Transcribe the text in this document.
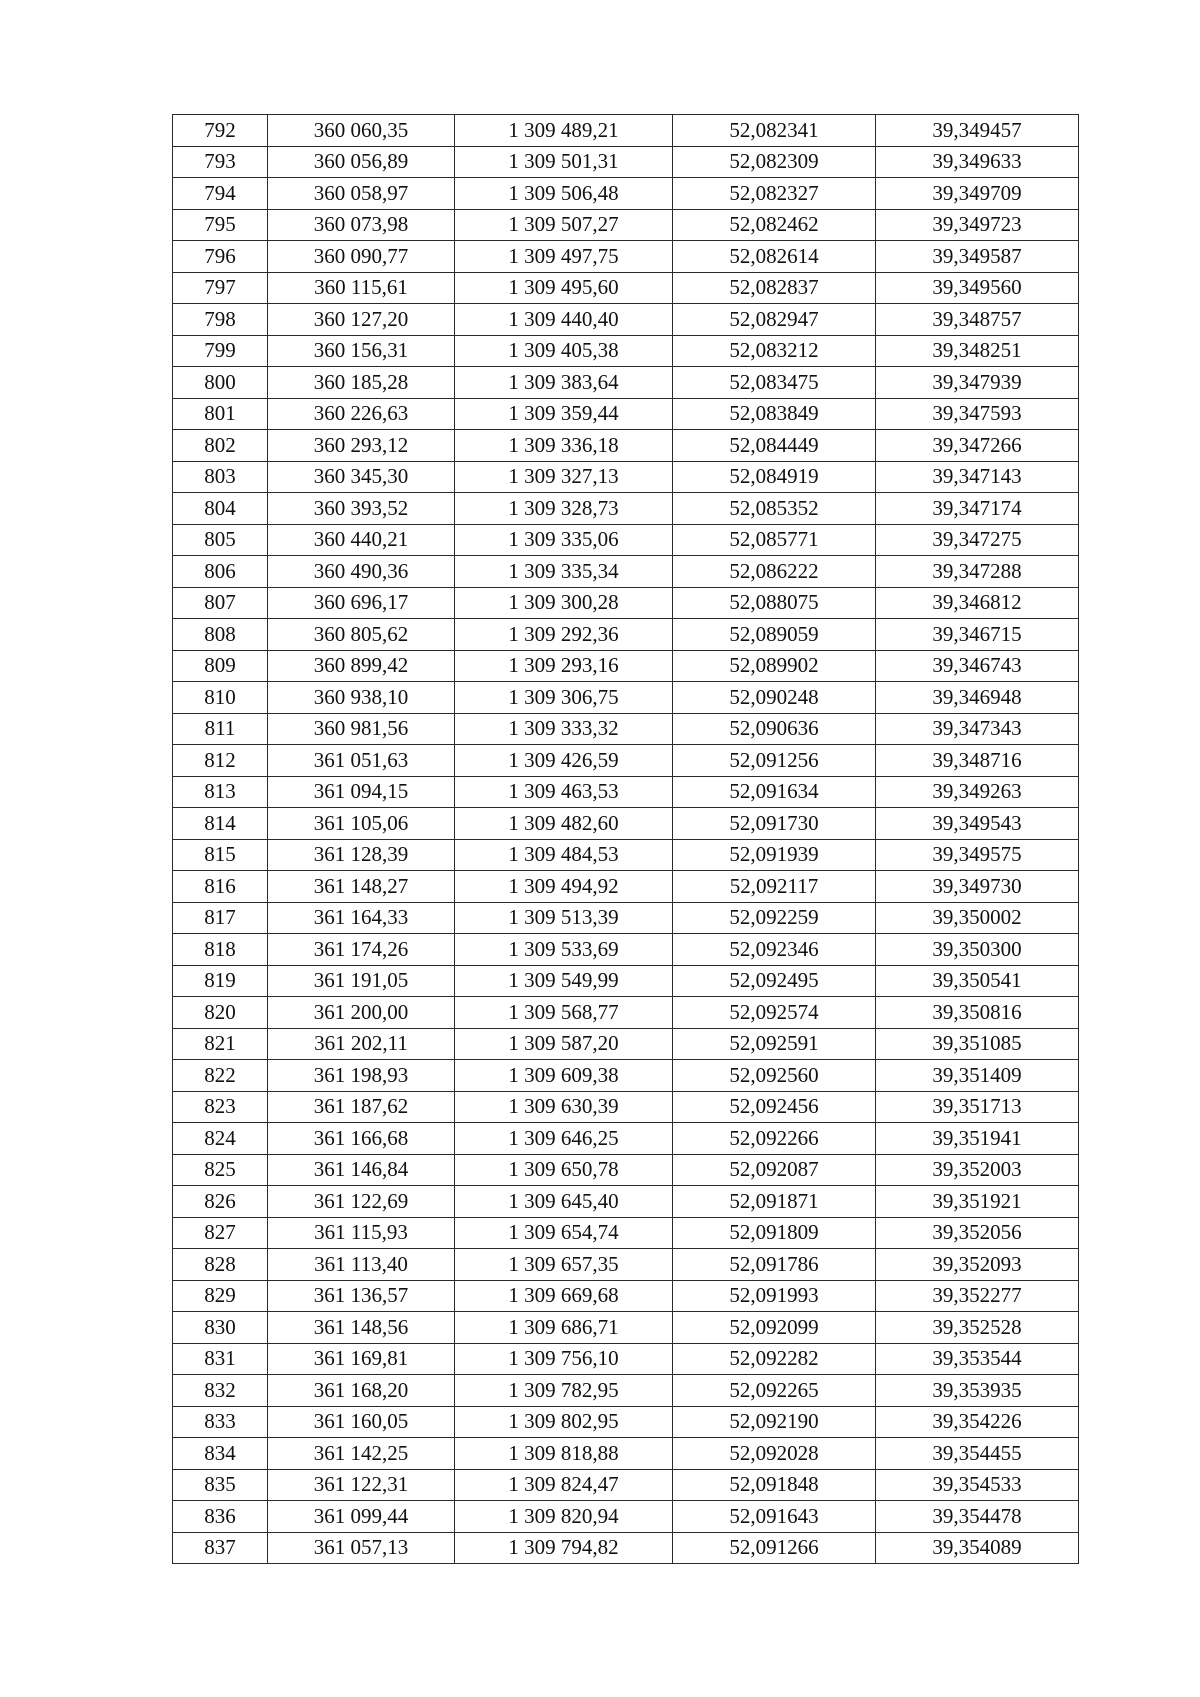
792	360 060,35	1 309 489,21	52,082341	39,349457
793	360 056,89	1 309 501,31	52,082309	39,349633
794	360 058,97	1 309 506,48	52,082327	39,349709
795	360 073,98	1 309 507,27	52,082462	39,349723
796	360 090,77	1 309 497,75	52,082614	39,349587
797	360 115,61	1 309 495,60	52,082837	39,349560
798	360 127,20	1 309 440,40	52,082947	39,348757
799	360 156,31	1 309 405,38	52,083212	39,348251
800	360 185,28	1 309 383,64	52,083475	39,347939
801	360 226,63	1 309 359,44	52,083849	39,347593
802	360 293,12	1 309 336,18	52,084449	39,347266
803	360 345,30	1 309 327,13	52,084919	39,347143
804	360 393,52	1 309 328,73	52,085352	39,347174
805	360 440,21	1 309 335,06	52,085771	39,347275
806	360 490,36	1 309 335,34	52,086222	39,347288
807	360 696,17	1 309 300,28	52,088075	39,346812
808	360 805,62	1 309 292,36	52,089059	39,346715
809	360 899,42	1 309 293,16	52,089902	39,346743
810	360 938,10	1 309 306,75	52,090248	39,346948
811	360 981,56	1 309 333,32	52,090636	39,347343
812	361 051,63	1 309 426,59	52,091256	39,348716
813	361 094,15	1 309 463,53	52,091634	39,349263
814	361 105,06	1 309 482,60	52,091730	39,349543
815	361 128,39	1 309 484,53	52,091939	39,349575
816	361 148,27	1 309 494,92	52,092117	39,349730
817	361 164,33	1 309 513,39	52,092259	39,350002
818	361 174,26	1 309 533,69	52,092346	39,350300
819	361 191,05	1 309 549,99	52,092495	39,350541
820	361 200,00	1 309 568,77	52,092574	39,350816
821	361 202,11	1 309 587,20	52,092591	39,351085
822	361 198,93	1 309 609,38	52,092560	39,351409
823	361 187,62	1 309 630,39	52,092456	39,351713
824	361 166,68	1 309 646,25	52,092266	39,351941
825	361 146,84	1 309 650,78	52,092087	39,352003
826	361 122,69	1 309 645,40	52,091871	39,351921
827	361 115,93	1 309 654,74	52,091809	39,352056
828	361 113,40	1 309 657,35	52,091786	39,352093
829	361 136,57	1 309 669,68	52,091993	39,352277
830	361 148,56	1 309 686,71	52,092099	39,352528
831	361 169,81	1 309 756,10	52,092282	39,353544
832	361 168,20	1 309 782,95	52,092265	39,353935
833	361 160,05	1 309 802,95	52,092190	39,354226
834	361 142,25	1 309 818,88	52,092028	39,354455
835	361 122,31	1 309 824,47	52,091848	39,354533
836	361 099,44	1 309 820,94	52,091643	39,354478
837	361 057,13	1 309 794,82	52,091266	39,354089
